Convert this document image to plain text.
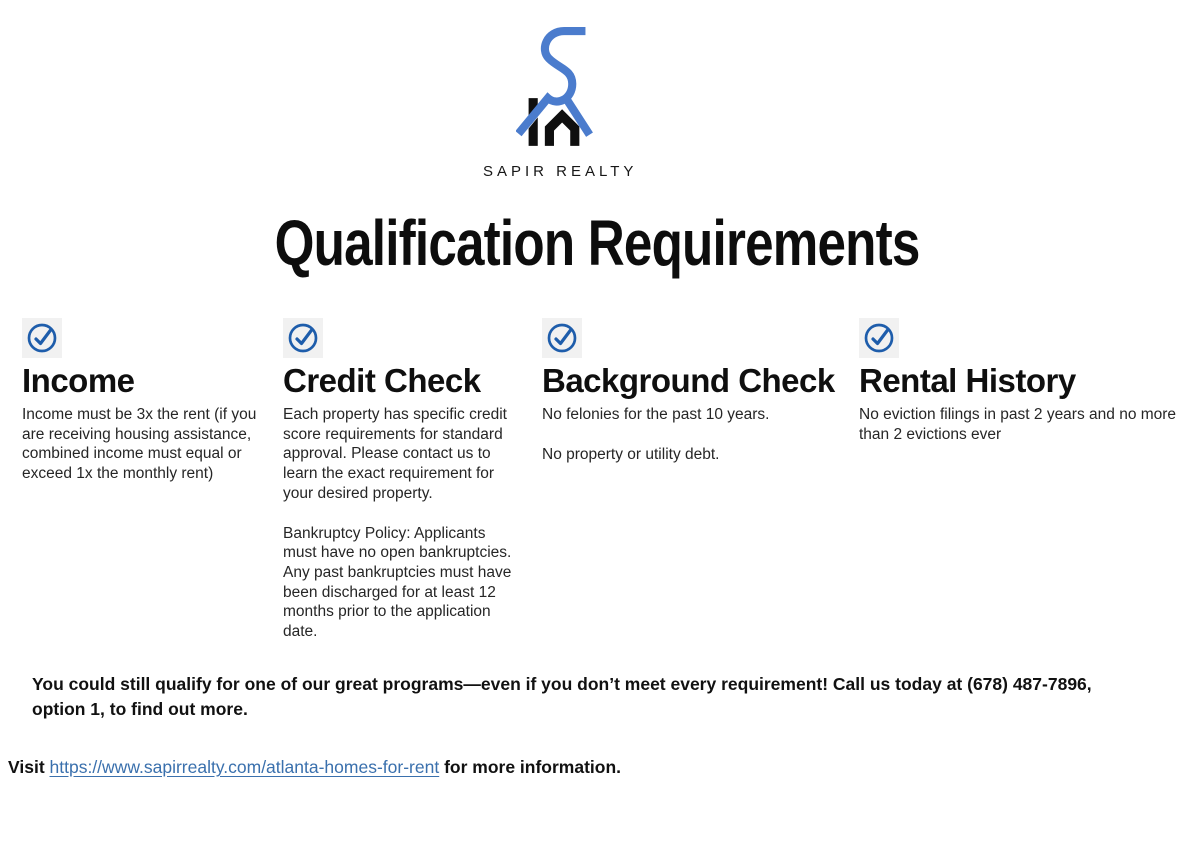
SAPIR REALTY
Qualification Requirements
Income

Income must be 3x the rent (if you are receiving housing assistance, combined income must equal or exceed 1x the monthly rent)

Credit Check

Each property has specific credit score requirements for standard approval. Please contact us to learn the exact requirement for your desired property.

Bankruptcy Policy: Applicants must have no open bankruptcies. Any past bankruptcies must have been discharged for at least 12 months prior to the application date.

Background Check

No felonies for the past 10 years.

No property or utility debt.

Rental History

No eviction filings in past 2 years and no more than 2 evictions ever

You could still qualify for one of our great programs—even if you don’t meet every requirement! Call us today at (678) 487-7896, option 1, to find out more.
Visit https://www.sapirrealty.com/atlanta-homes-for-rent for more information.
